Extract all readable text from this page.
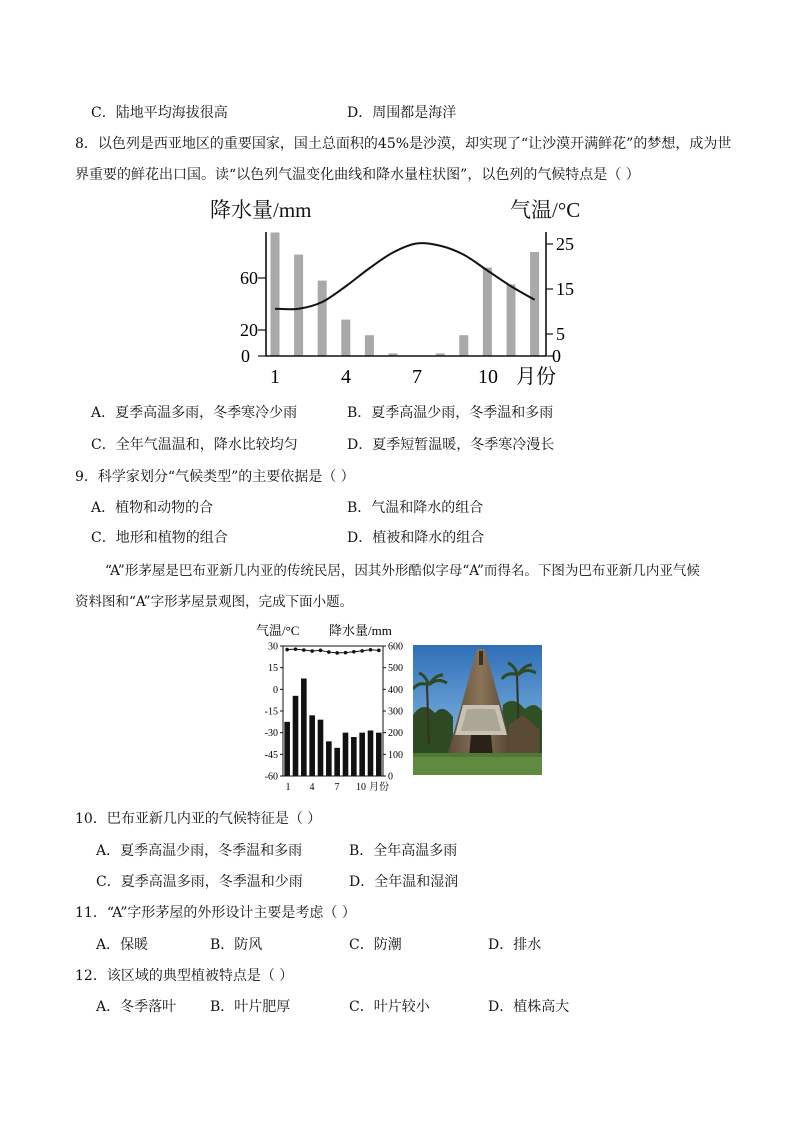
C．陆地平均海拔很高	D．周围都是海洋
8．以色列是西亚地区的重要国家，国土总面积的45%是沙漠，却实现了“让沙漠开满鲜花”的梦想，成为世
界重要的鲜花出口国。读“以色列气温变化曲线和降水量柱状图”，以色列的气候特点是（ ）
降水量/mm	气温/°C
0
20
60
0
5
15
25
1	4	7	10 月份
A．夏季高温多雨，冬季寒冷少雨	B．夏季高温少雨，冬季温和多雨
C．全年气温温和，降水比较均匀	D．夏季短暂温暖，冬季寒冷漫长
9．科学家划分“气候类型”的主要依据是（ ）
A．植物和动物的合	B．气温和降水的组合
C．地形和植物的组合	D．植被和降水的组合
“A”形茅屋是巴布亚新几内亚的传统民居，因其外形酷似字母“A”而得名。下图为巴布亚新几内亚气候
资料图和“A”字形茅屋景观图，完成下面小题。
气温/°C 降水量/mm
30
15
0
-15
-30
-45
-60
600
500
400
300
200
100
0
1 4 7 10 月份
10．巴布亚新几内亚的气候特征是（ ）
A．夏季高温少雨，冬季温和多雨	B．全年高温多雨
C．夏季高温多雨，冬季温和少雨	D．全年温和湿润
11．“A”字形茅屋的外形设计主要是考虑（ ）
A．保暖	B．防风	C．防潮	D．排水
12．该区域的典型植被特点是（ ）
A．冬季落叶 B．叶片肥厚	C．叶片较小	D．植株高大
